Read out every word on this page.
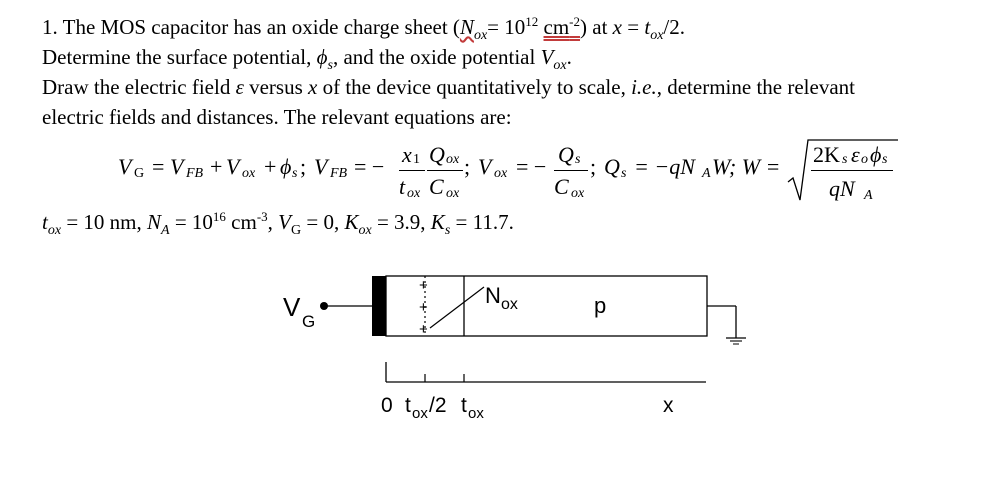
1. The MOS capacitor has an oxide charge sheet ($N_{ox}= 10^{12}$ $cm^{-2}$) at $x = t_{ox}/2$.
Determine the surface potential, $\phi_s$, and the oxide potential $V_{ox}$.
Draw the electric field ε versus x of the device quantitatively to scale, i.e., determine the relevant
electric fields and distances. The relevant equations are:
V G = V FB + V ox + ϕ s ; V FB = − x 1
t ox
Q ox
C ox
; V ox = − Q s
C ox
; Q s = −qN A W; W = 2K s ε o ϕ s
qN A
$t_{ox} = 10$ nm, $N_A = 10^{16}$ $cm^{-3}$, $V_G = 0$, $K_{ox} = 3.9$, $K_s = 11.7$.
V G
+
+
+
N ox	p
0 t ox /2 t ox	x
